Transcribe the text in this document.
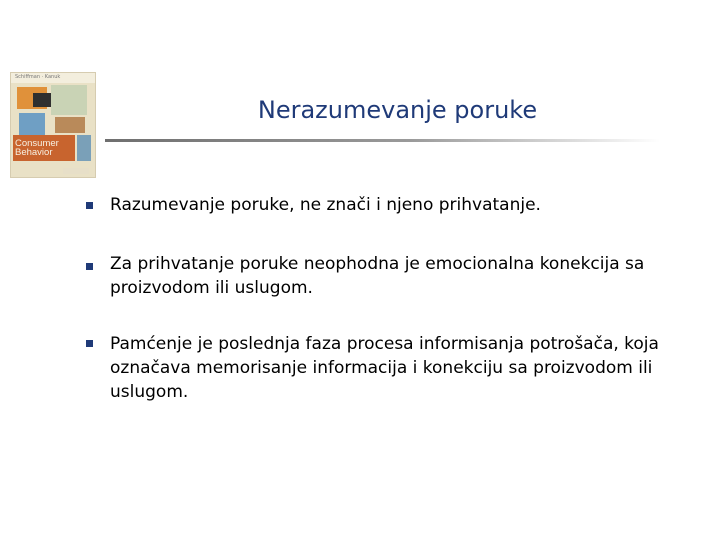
Schiffman · Kanuk
Consumer
Behavior
Nerazumevanje poruke
Razumevanje poruke, ne znači i njeno prihvatanje.
Za prihvatanje poruke neophodna je emocionalna konekcija sa proizvodom ili uslugom.
Pamćenje je poslednja faza procesa informisanja potrošača, koja označava memorisanje informacija i konekciju sa proizvodom ili uslugom.
